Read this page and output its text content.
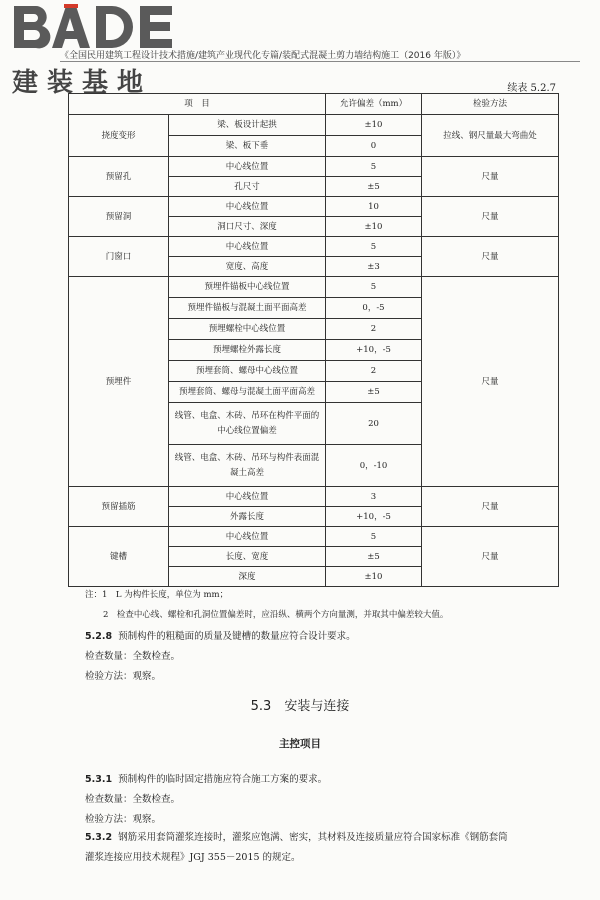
建装基地
《全国民用建筑工程设计技术措施/建筑产业现代化专篇/装配式混凝土剪力墙结构施工（2016 年版）》
续表 5.2.7
项　目		允许偏差（mm）	检验方法
挠度变形	梁、板设计起拱	±10	拉线、钢尺量最大弯曲处
	梁、板下垂	0	
预留孔	中心线位置	5	尺量
	孔尺寸	±5	
预留洞	中心线位置	10	尺量
	洞口尺寸、深度	±10	
门窗口	中心线位置	5	尺量
	宽度、高度	±3	
预埋件	预埋件锚板中心线位置	5	尺量
	预埋件锚板与混凝土面平面高差	0，-5	
	预埋螺栓中心线位置	2	
	预埋螺栓外露长度	+10，-5	
	预埋套筒、螺母中心线位置	2	
	预埋套筒、螺母与混凝土面平面高差	±5	
	线管、电盒、木砖、吊环在构件平面的中心线位置偏差	20	
	线管、电盒、木砖、吊环与构件表面混凝土高差	0，-10	
预留插筋	中心线位置	3	尺量
	外露长度	+10，-5	
键槽	中心线位置	5	尺量
	长度、宽度	±5	
	深度	±10	
注：1　L 为构件长度，单位为 mm；
2　检查中心线、螺栓和孔洞位置偏差时，应沿纵、横两个方向量测，并取其中偏差较大值。
5.2.8 预制构件的粗糙面的质量及键槽的数量应符合设计要求。
检查数量：全数检查。
检验方法：观察。
5.3　安装与连接
主控项目
5.3.1 预制构件的临时固定措施应符合施工方案的要求。
检查数量：全数检查。
检验方法：观察。
5.3.2 钢筋采用套筒灌浆连接时，灌浆应饱满、密实，其材料及连接质量应符合国家标准《钢筋套筒
灌浆连接应用技术规程》JGJ 355－2015 的规定。
